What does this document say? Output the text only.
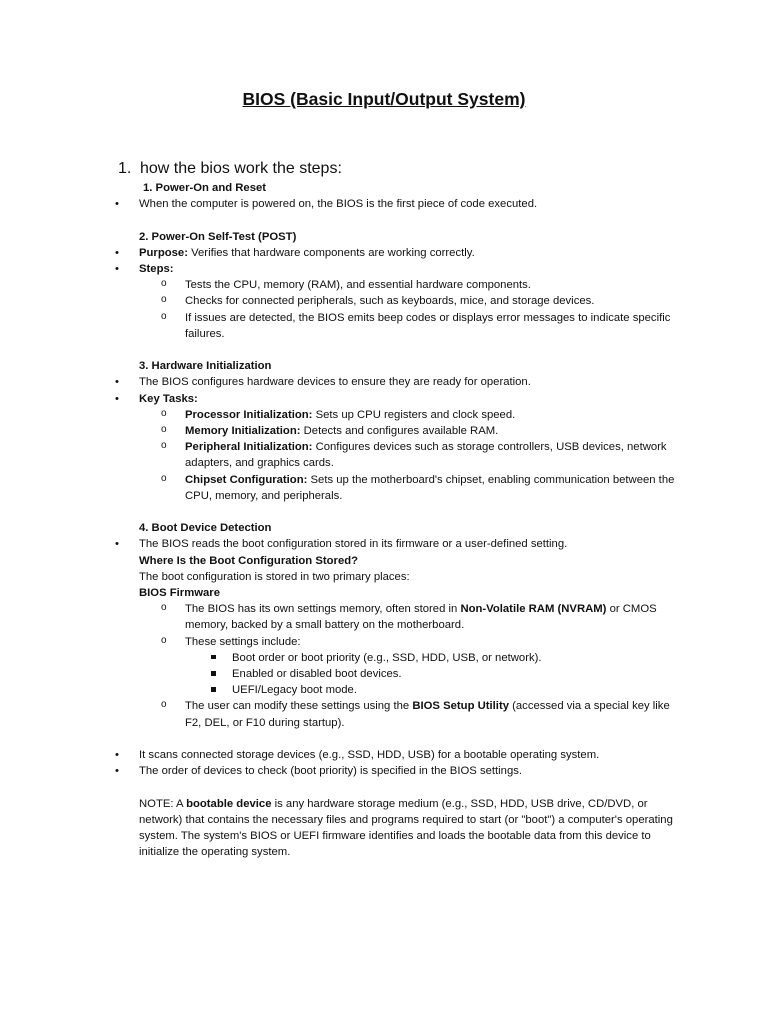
BIOS (Basic Input/Output System)
1. how the bios work the steps:
1. Power-On and Reset
• When the computer is powered on, the BIOS is the first piece of code executed.
2. Power-On Self-Test (POST)
• Purpose: Verifies that hardware components are working correctly.
• Steps:
o Tests the CPU, memory (RAM), and essential hardware components.
o Checks for connected peripherals, such as keyboards, mice, and storage devices.
o If issues are detected, the BIOS emits beep codes or displays error messages to indicate specific failures.
3. Hardware Initialization
• The BIOS configures hardware devices to ensure they are ready for operation.
• Key Tasks:
o Processor Initialization: Sets up CPU registers and clock speed.
o Memory Initialization: Detects and configures available RAM.
o Peripheral Initialization: Configures devices such as storage controllers, USB devices, network adapters, and graphics cards.
o Chipset Configuration: Sets up the motherboard's chipset, enabling communication between the CPU, memory, and peripherals.
4. Boot Device Detection
• The BIOS reads the boot configuration stored in its firmware or a user-defined setting.
Where Is the Boot Configuration Stored?
The boot configuration is stored in two primary places:
BIOS Firmware
o The BIOS has its own settings memory, often stored in Non-Volatile RAM (NVRAM) or CMOS memory, backed by a small battery on the motherboard.
o These settings include:
Boot order or boot priority (e.g., SSD, HDD, USB, or network).
Enabled or disabled boot devices.
UEFI/Legacy boot mode.
o The user can modify these settings using the BIOS Setup Utility (accessed via a special key like F2, DEL, or F10 during startup).
• It scans connected storage devices (e.g., SSD, HDD, USB) for a bootable operating system.
• The order of devices to check (boot priority) is specified in the BIOS settings.
NOTE: A bootable device is any hardware storage medium (e.g., SSD, HDD, USB drive, CD/DVD, or network) that contains the necessary files and programs required to start (or "boot") a computer's operating system. The system's BIOS or UEFI firmware identifies and loads the bootable data from this device to initialize the operating system.
